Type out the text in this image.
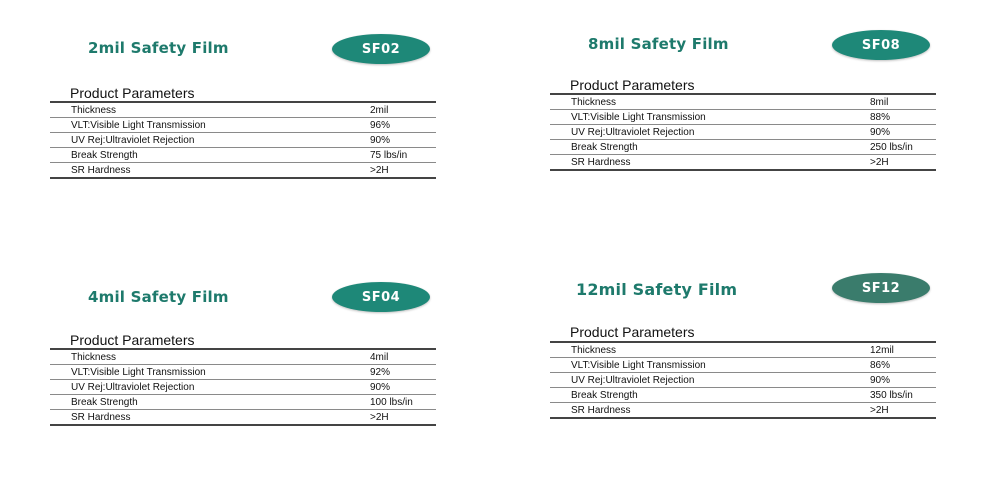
2mil Safety Film	SF02
Product Parameters
Thickness	2mil
VLT:Visible Light Transmission	96%
UV Rej:Ultraviolet Rejection	90%
Break Strength	75 lbs/in
SR Hardness	>2H
8mil Safety Film	SF08
Product Parameters
Thickness	8mil
VLT:Visible Light Transmission	88%
UV Rej:Ultraviolet Rejection	90%
Break Strength	250 lbs/in
SR Hardness	>2H
4mil Safety Film	SF04
Product Parameters
Thickness	4mil
VLT:Visible Light Transmission	92%
UV Rej:Ultraviolet Rejection	90%
Break Strength	100 lbs/in
SR Hardness	>2H
12mil Safety Film	SF12
Product Parameters
Thickness	12mil
VLT:Visible Light Transmission	86%
UV Rej:Ultraviolet Rejection	90%
Break Strength	350 lbs/in
SR Hardness	>2H
